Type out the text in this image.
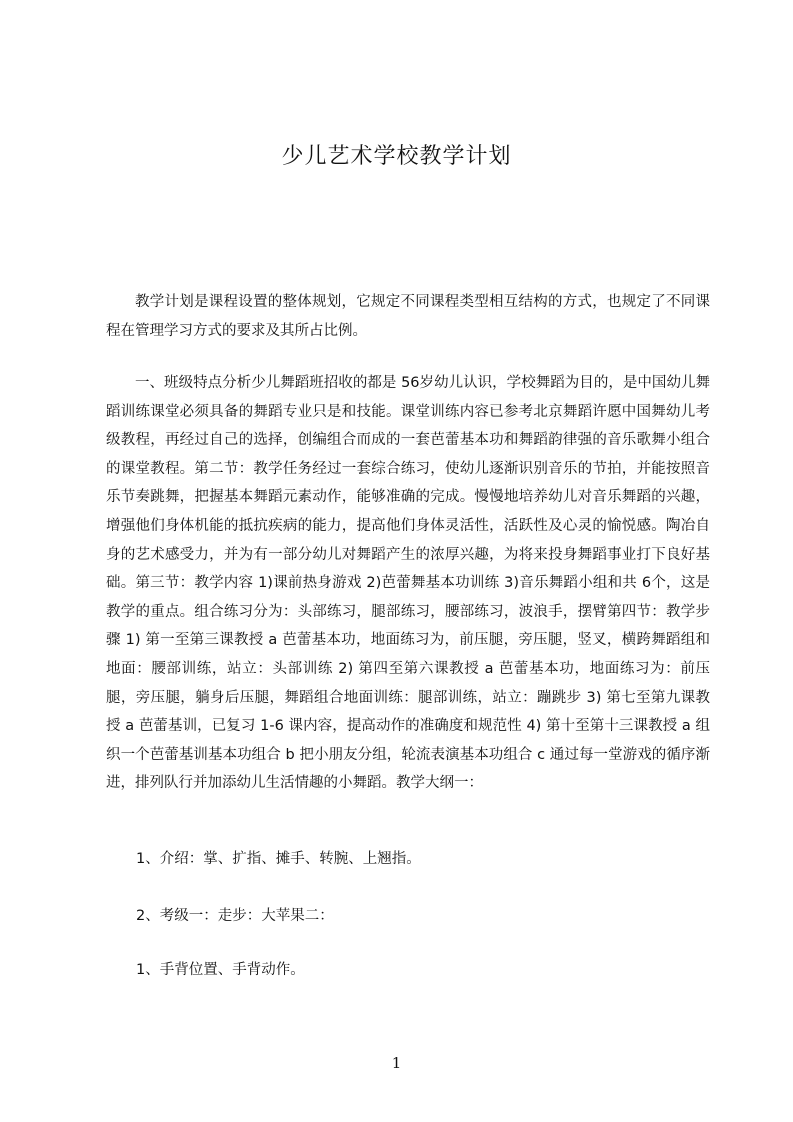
少儿艺术学校教学计划

教学计划是课程设置的整体规划，它规定不同课程类型相互结构的方式，也规定了不同课程在管理学习方式的要求及其所占比例。

一、班级特点分析少儿舞蹈班招收的都是 56岁幼儿认识，学校舞蹈为目的，是中国幼儿舞蹈训练课堂必须具备的舞蹈专业只是和技能。课堂训练内容已参考北京舞蹈许愿中国舞幼儿考级教程，再经过自己的选择，创编组合而成的一套芭蕾基本功和舞蹈韵律强的音乐歌舞小组合的课堂教程。第二节：教学任务经过一套综合练习，使幼儿逐渐识别音乐的节拍，并能按照音乐节奏跳舞，把握基本舞蹈元素动作，能够准确的完成。慢慢地培养幼儿对音乐舞蹈的兴趣，增强他们身体机能的抵抗疾病的能力，提高他们身体灵活性，活跃性及心灵的愉悦感。陶冶自身的艺术感受力，并为有一部分幼儿对舞蹈产生的浓厚兴趣，为将来投身舞蹈事业打下良好基础。第三节：教学内容 1)课前热身游戏 2)芭蕾舞基本功训练 3)音乐舞蹈小组和共 6个，这是教学的重点。组合练习分为：头部练习，腿部练习，腰部练习，波浪手，摆臂第四节：教学步骤 1) 第一至第三课教授 a 芭蕾基本功，地面练习为，前压腿，旁压腿，竖叉，横跨舞蹈组和地面：腰部训练，站立：头部训练 2) 第四至第六课教授 a 芭蕾基本功，地面练习为：前压腿，旁压腿，躺身后压腿，舞蹈组合地面训练：腿部训练，站立：蹦跳步 3) 第七至第九课教授 a 芭蕾基训，已复习 1-6 课内容，提高动作的准确度和规范性 4) 第十至第十三课教授 a 组织一个芭蕾基训基本功组合 b 把小朋友分组，轮流表演基本功组合 c 通过每一堂游戏的循序渐进，排列队行并加添幼儿生活情趣的小舞蹈。教学大纲一：

1、介绍：掌、扩指、摊手、转腕、上翘指。

2、考级一：走步：大苹果二：

1、手背位置、手背动作。

1
